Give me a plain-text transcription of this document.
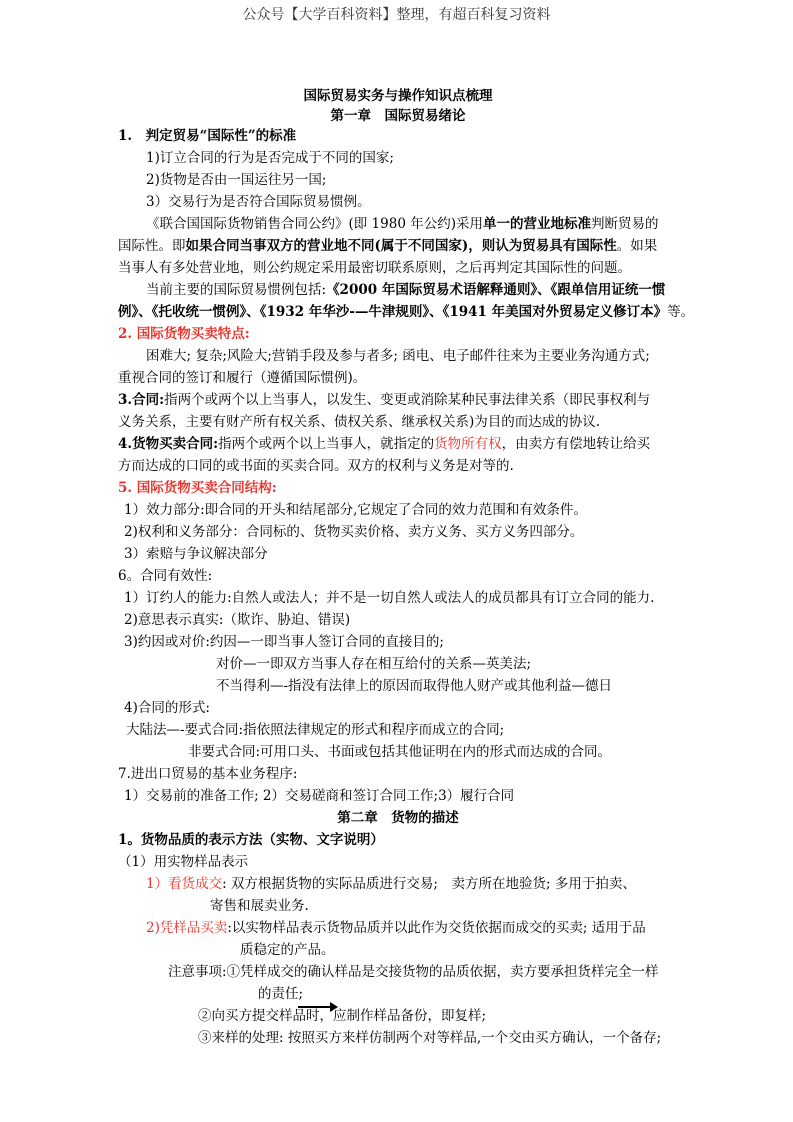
公众号【大学百科资料】整理，有超百科复习资料
国际贸易实务与操作知识点梳理
第一章　国际贸易绪论
1.　判定贸易“国际性”的标准
1)订立合同的行为是否完成于不同的国家;
2)货物是否由一国运往另一国;
3）交易行为是否符合国际贸易惯例。
《联合国国际货物销售合同公约》(即 1980 年公约)采用单一的营业地标准判断贸易的
国际性。即如果合同当事双方的营业地不同(属于不同国家)，则认为贸易具有国际性。如果
当事人有多处营业地，则公约规定采用最密切联系原则，之后再判定其国际性的问题。
当前主要的国际贸易惯例包括:《2000 年国际贸易术语解释通则》、《跟单信用证统一惯
例》、《托收统一惯例》、《1932 年华沙-—牛津规则》、《1941 年美国对外贸易定义修订本》等。
2. 国际货物买卖特点:
困难大; 复杂;风险大;营销手段及参与者多; 函电、电子邮件往来为主要业务沟通方式;
重视合同的签订和履行（遵循国际惯例)。
3.合同:指两个或两个以上当事人，以发生、变更或消除某种民事法律关系（即民事权利与
义务关系，主要有财产所有权关系、债权关系、继承权关系)为目的而达成的协议.
4.货物买卖合同:指两个或两个以上当事人，就指定的货物所有权，由卖方有偿地转让给买
方而达成的口同的或书面的买卖合同。双方的权利与义务是对等的.
5. 国际货物买卖合同结构:
1）效力部分:即合同的开头和结尾部分,它规定了合同的效力范围和有效条件。
2)权利和义务部分：合同标的、货物买卖价格、卖方义务、买方义务四部分。
3）索赔与争议解决部分
6。合同有效性:
1）订约人的能力:自然人或法人；并不是一切自然人或法人的成员都具有订立合同的能力.
2)意思表示真实:（欺诈、胁迫、错误)
3)约因或对价:约因—一即当事人签订合同的直接目的;
对价—一即双方当事人存在相互给付的关系—英美法;
不当得利—-指没有法律上的原因而取得他人财产或其他利益—德日
4)合同的形式:
大陆法—-要式合同:指依照法律规定的形式和程序而成立的合同;
非要式合同:可用口头、书面或包括其他证明在内的形式而达成的合同。
7.进出口贸易的基本业务程序:
1）交易前的准备工作; 2）交易磋商和签订合同工作;3）履行合同
第二章　货物的描述
1。货物品质的表示方法（实物、文字说明）
（1）用实物样品表示
1）看货成交: 双方根据货物的实际品质进行交易;　卖方所在地验货; 多用于拍卖、
寄售和展卖业务.
2)凭样品买卖:以实物样品表示货物品质并以此作为交货依据而成交的买卖; 适用于品
质稳定的产品。
注意事项:①凭样成交的确认样品是交接货物的品质依据，卖方要承担货样完全一样
的责任;
②向买方提交样品时，应制作样品备份，即复样;
③来样的处理: 按照买方来样仿制两个对等样品,一个交由买方确认，一个备存;
